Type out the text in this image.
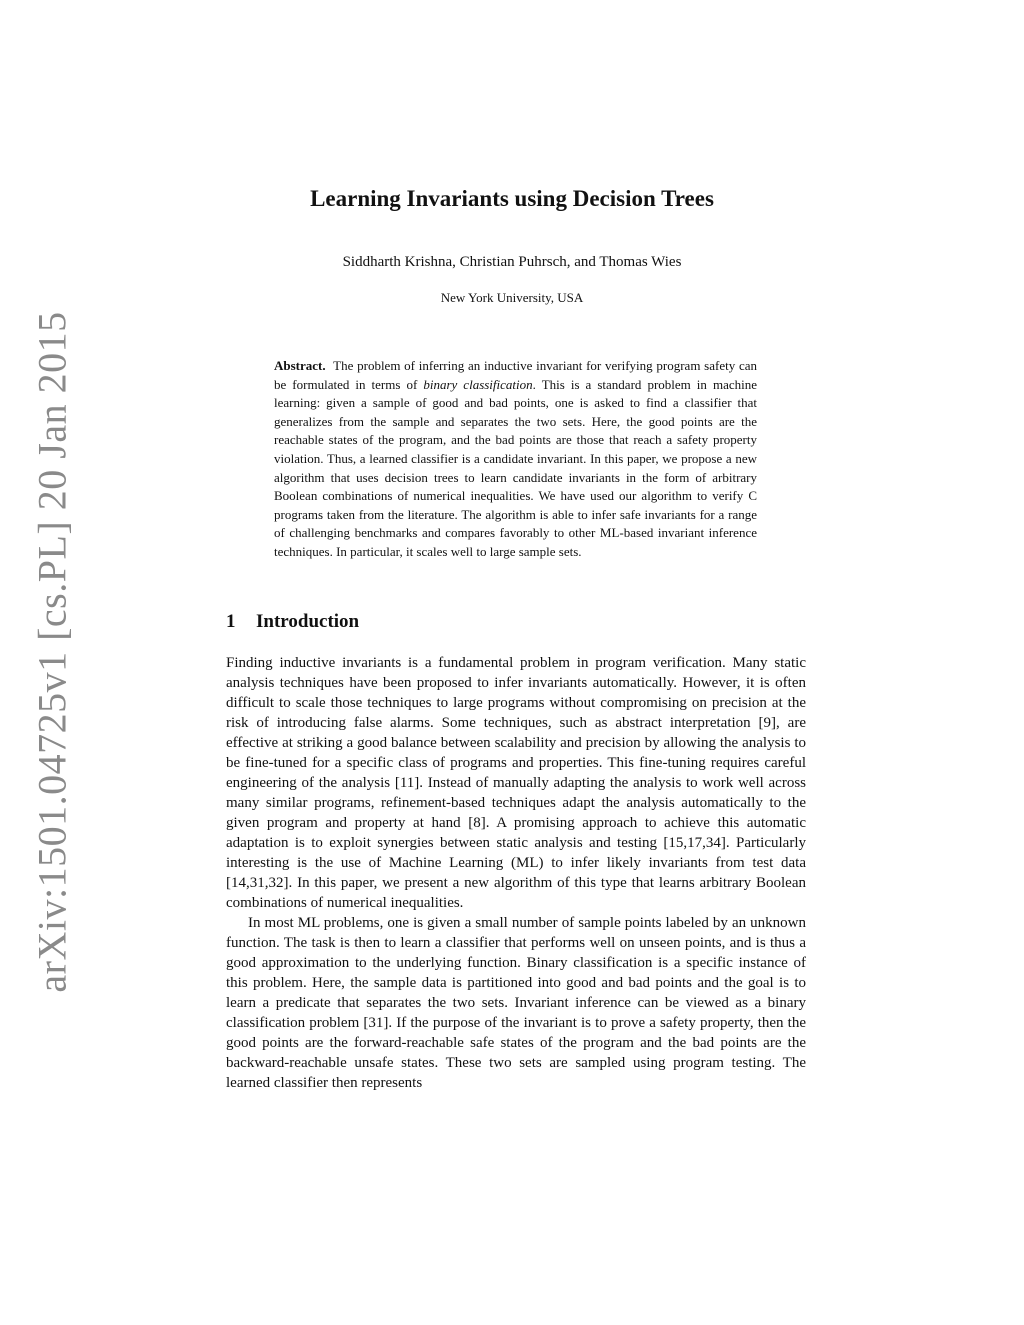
arXiv:1501.04725v1 [cs.PL] 20 Jan 2015
Learning Invariants using Decision Trees
Siddharth Krishna, Christian Puhrsch, and Thomas Wies
New York University, USA
Abstract. The problem of inferring an inductive invariant for verifying program safety can be formulated in terms of binary classification. This is a standard problem in machine learning: given a sample of good and bad points, one is asked to find a classifier that generalizes from the sample and separates the two sets. Here, the good points are the reachable states of the program, and the bad points are those that reach a safety property violation. Thus, a learned classifier is a candidate invariant. In this paper, we propose a new algorithm that uses decision trees to learn candidate invariants in the form of arbitrary Boolean combinations of numerical inequalities. We have used our algorithm to verify C programs taken from the literature. The algorithm is able to infer safe invariants for a range of challenging benchmarks and compares favorably to other ML-based invariant inference techniques. In particular, it scales well to large sample sets.
1 Introduction

Finding inductive invariants is a fundamental problem in program verification. Many static analysis techniques have been proposed to infer invariants automatically. However, it is often difficult to scale those techniques to large programs without compromising on precision at the risk of introducing false alarms. Some techniques, such as abstract interpretation [9], are effective at striking a good balance between scalability and precision by allowing the analysis to be fine-tuned for a specific class of programs and properties. This fine-tuning requires careful engineering of the analysis [11]. Instead of manually adapting the analysis to work well across many similar programs, refinement-based techniques adapt the analysis automatically to the given program and property at hand [8]. A promising approach to achieve this automatic adaptation is to exploit synergies between static analysis and testing [15,17,34]. Particularly interesting is the use of Machine Learning (ML) to infer likely invariants from test data [14,31,32]. In this paper, we present a new algorithm of this type that learns arbitrary Boolean combinations of numerical inequalities.

In most ML problems, one is given a small number of sample points labeled by an unknown function. The task is then to learn a classifier that performs well on unseen points, and is thus a good approximation to the underlying function. Binary classification is a specific instance of this problem. Here, the sample data is partitioned into good and bad points and the goal is to learn a predicate that separates the two sets. Invariant inference can be viewed as a binary classification problem [31]. If the purpose of the invariant is to prove a safety property, then the good points are the forward-reachable safe states of the program and the bad points are the backward-reachable unsafe states. These two sets are sampled using program testing. The learned classifier then represents
